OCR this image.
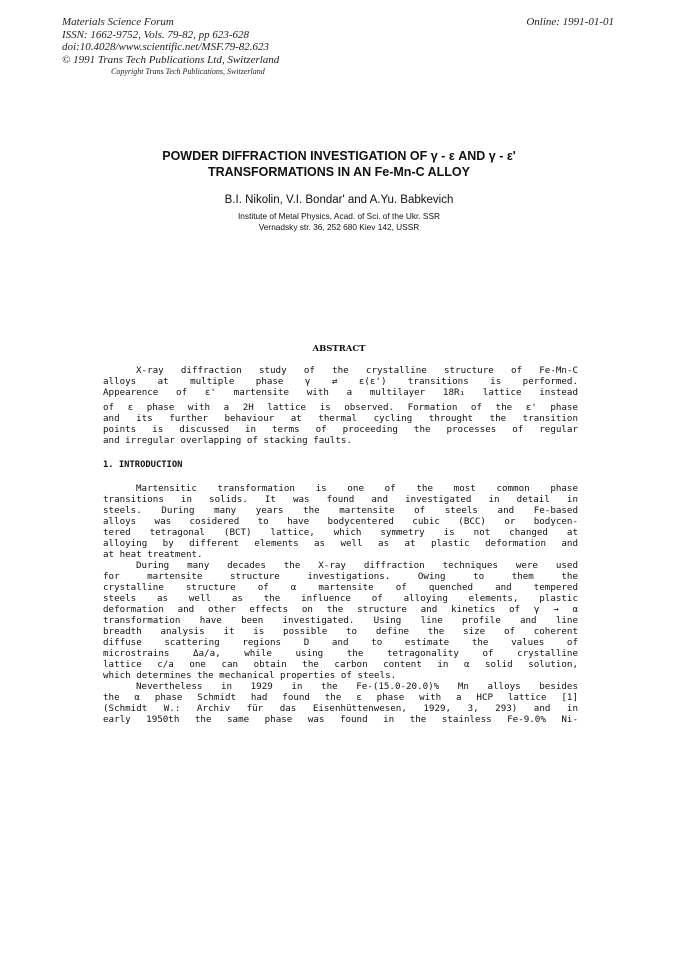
Materials Science Forum
ISSN: 1662-9752, Vols. 79-82, pp 623-628
doi:10.4028/www.scientific.net/MSF.79-82.623
© 1991 Trans Tech Publications Ltd, Switzerland
Online: 1991-01-01
Copyright Trans Tech Publications, Switzerland
POWDER DIFFRACTION INVESTIGATION OF γ - ε AND γ - ε'
TRANSFORMATIONS IN AN Fe-Mn-C ALLOY
B.I. Nikolin, V.I. Bondar' and A.Yu. Babkevich
Institute of Metal Physics, Acad. of Sci. of the Ukr. SSR
Vernadsky str. 36, 252 680 Kiev 142, USSR
ABSTRACT
X-ray diffraction study of the crystalline structure of Fe-Mn-C
alloys at multiple phase γ ⇄ ε(ε') transitions is performed.
Appearence of ε' martensite with a multilayer 18R₁ lattice instead
of ε phase with a 2H lattice is observed. Formation of the ε' phase
and its further behaviour at thermal cycling throught the transition
points is discussed in terms of proceeding the processes of regular
and irregular overlapping of stacking faults.
1. INTRODUCTION
Martensitic transformation is one of the most common phase
transitions in solids. It was found and investigated in detail in
steels. During many years the martensite of steels and Fe-based
alloys was cosidered to have bodycentered cubic (BCC) or bodycen-
tered tetragonal (BCT) lattice, which symmetry is not changed at
alloying by different elements as well as at plastic deformation and
at heat treatment.
During many decades the X-ray diffraction techniques were used
for martensite structure investigations. Owing to them the
crystalline structure of α martensite of quenched and tempered
steels as well as the influence of alloying elements, plastic
deformation and other effects on the structure and kinetics of γ → α
transformation have been investigated. Using line profile and line
breadth analysis it is possible to define the size of coherent
diffuse scattering regions D and to estimate the values of
microstrains Δa/a, while using the tetragonality of crystalline
lattice c/a one can obtain the carbon content in α solid solution,
which determines the mechanical properties of steels.
Nevertheless in 1929 in the Fe-(15.0-20.0)% Mn alloys besides
the α phase Schmidt had found the ε phase with a HCP lattice [1]
(Schmidt W.: Archiv für das Eisenhüttenwesen, 1929, 3, 293) and in
early 1950th the same phase was found in the stainless Fe-9.0% Ni-
